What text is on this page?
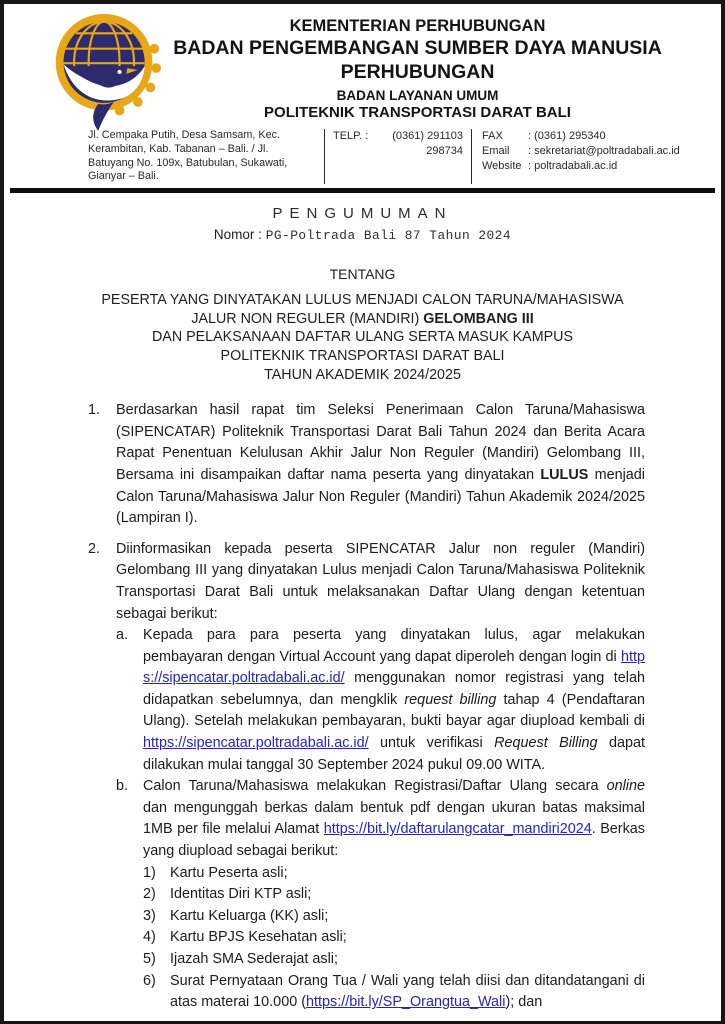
KEMENTERIAN PERHUBUNGAN
BADAN PENGEMBANGAN SUMBER DAYA MANUSIA
PERHUBUNGAN
BADAN LAYANAN UMUM
POLITEKNIK TRANSPORTASI DARAT BALI
Jl. Cempaka Putih, Desa Samsam, Kec. Kerambitan, Kab. Tabanan – Bali. / Jl. Batuyang No. 109x, Batubulan, Sukawati, Gianyar – Bali.
TELP. : (0361) 291103
298734
FAX	: (0361) 295340
Email	: sekretariat@poltradabali.ac.id
Website : poltradabali.ac.id
PENGUMUMAN
Nomor : PG-Poltrada Bali 87 Tahun 2024
TENTANG
PESERTA YANG DINYATAKAN LULUS MENJADI CALON TARUNA/MAHASISWA
JALUR NON REGULER (MANDIRI) GELOMBANG III
DAN PELAKSANAAN DAFTAR ULANG SERTA MASUK KAMPUS
POLITEKNIK TRANSPORTASI DARAT BALI
TAHUN AKADEMIK 2024/2025
1.	Berdasarkan hasil rapat tim Seleksi Penerimaan Calon Taruna/Mahasiswa (SIPENCATAR) Politeknik Transportasi Darat Bali Tahun 2024 dan Berita Acara Rapat Penentuan Kelulusan Akhir Jalur Non Reguler (Mandiri) Gelombang III, Bersama ini disampaikan daftar nama peserta yang dinyatakan LULUS menjadi Calon Taruna/Mahasiswa Jalur Non Reguler (Mandiri) Tahun Akademik 2024/2025 (Lampiran I).
2.	Diinformasikan kepada peserta SIPENCATAR Jalur non reguler (Mandiri) Gelombang III yang dinyatakan Lulus menjadi Calon Taruna/Mahasiswa Politeknik Transportasi Darat Bali untuk melaksanakan Daftar Ulang dengan ketentuan sebagai berikut:
a.	Kepada para para peserta yang dinyatakan lulus, agar melakukan pembayaran dengan Virtual Account yang dapat diperoleh dengan login di https://sipencatar.poltradabali.ac.id/ menggunakan nomor registrasi yang telah didapatkan sebelumnya, dan mengklik request billing tahap 4 (Pendaftaran Ulang). Setelah melakukan pembayaran, bukti bayar agar diupload kembali di https://sipencatar.poltradabali.ac.id/ untuk verifikasi Request Billing dapat dilakukan mulai tanggal 30 September 2024 pukul 09.00 WITA.
b.	Calon Taruna/Mahasiswa melakukan Registrasi/Daftar Ulang secara online dan mengunggah berkas dalam bentuk pdf dengan ukuran batas maksimal 1MB per file melalui Alamat https://bit.ly/daftarulangcatar_mandiri2024. Berkas yang diupload sebagai berikut:
1) Kartu Peserta asli;
2) Identitas Diri KTP asli;
3) Kartu Keluarga (KK) asli;
4) Kartu BPJS Kesehatan asli;
5) Ijazah SMA Sederajat asli;
6) Surat Pernyataan Orang Tua / Wali yang telah diisi dan ditandatangani di atas materai 10.000 (https://bit.ly/SP_Orangtua_Wali); dan
